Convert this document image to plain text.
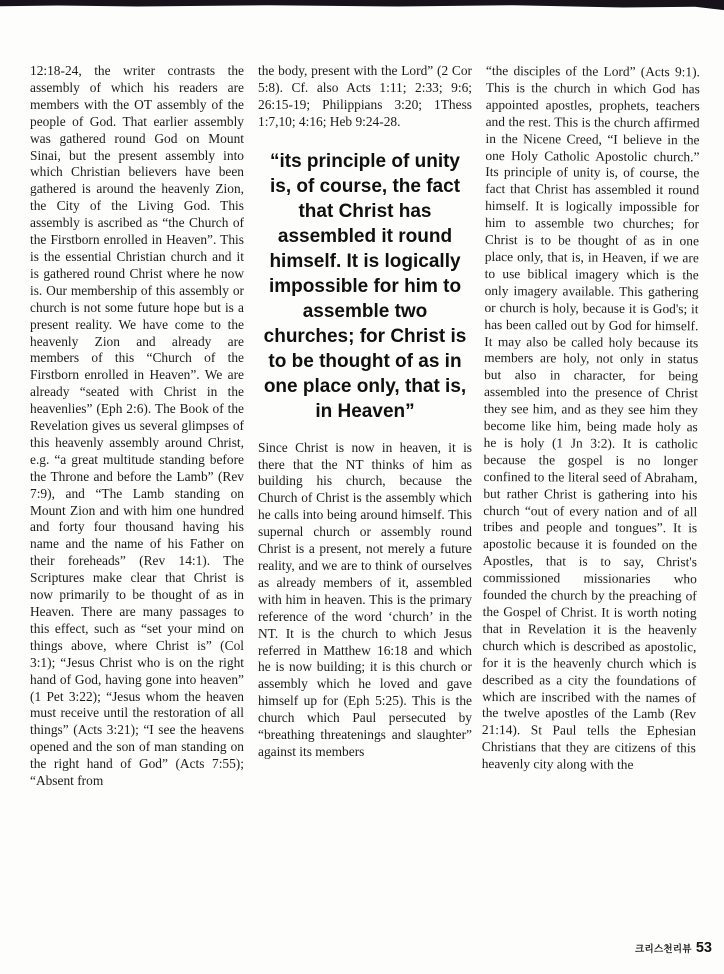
12:18-24, the writer contrasts the assembly of which his readers are members with the OT assembly of the people of God. That earlier assembly was gathered round God on Mount Sinai, but the present assembly into which Christian believers have been gathered is around the heavenly Zion, the City of the Living God. This assembly is ascribed as “the Church of the Firstborn enrolled in Heaven”. This is the essential Christian church and it is gathered round Christ where he now is. Our membership of this assembly or church is not some future hope but is a present reality. We have come to the heavenly Zion and already are members of this “Church of the Firstborn enrolled in Heaven”. We are already “seated with Christ in the heavenlies” (Eph 2:6). The Book of the Revelation gives us several glimpses of this heavenly assembly around Christ, e.g. “a great multitude standing before the Throne and before the Lamb” (Rev 7:9), and “The Lamb standing on Mount Zion and with him one hundred and forty four thousand having his name and the name of his Father on their foreheads” (Rev 14:1). The Scriptures make clear that Christ is now primarily to be thought of as in Heaven. There are many passages to this effect, such as “set your mind on things above, where Christ is” (Col 3:1); “Jesus Christ who is on the right hand of God, having gone into heaven” (1 Pet 3:22); “Jesus whom the heaven must receive until the restoration of all things” (Acts 3:21); “I see the heavens opened and the son of man standing on the right hand of God” (Acts 7:55); “Absent from

the body, present with the Lord” (2 Cor 5:8). Cf. also Acts 1:11; 2:33; 9:6; 26:15-19; Philippians 3:20; 1Thess 1:7,10; 4:16; Heb 9:24-28.

“its principle of unity is, of course, the fact that Christ has assembled it round himself. It is logically impossible for him to assemble two churches; for Christ is to be thought of as in one place only, that is, in Heaven”

Since Christ is now in heaven, it is there that the NT thinks of him as building his church, because the Church of Christ is the assembly which he calls into being around himself. This supernal church or assembly round Christ is a present, not merely a future reality, and we are to think of ourselves as already members of it, assembled with him in heaven. This is the primary reference of the word ‘church’ in the NT. It is the church to which Jesus referred in Matthew 16:18 and which he is now building; it is this church or assembly which he loved and gave himself up for (Eph 5:25). This is the church which Paul persecuted by “breathing threatenings and slaughter” against its members

“the disciples of the Lord” (Acts 9:1). This is the church in which God has appointed apostles, prophets, teachers and the rest. This is the church affirmed in the Nicene Creed, “I believe in the one Holy Catholic Apostolic church.” Its principle of unity is, of course, the fact that Christ has assembled it round himself. It is logically impossible for him to assemble two churches; for Christ is to be thought of as in one place only, that is, in Heaven, if we are to use biblical imagery which is the only imagery available. This gathering or church is holy, because it is God's; it has been called out by God for himself. It may also be called holy because its members are holy, not only in status but also in character, for being assembled into the presence of Christ they see him, and as they see him they become like him, being made holy as he is holy (1 Jn 3:2). It is catholic because the gospel is no longer confined to the literal seed of Abraham, but rather Christ is gathering into his church “out of every nation and of all tribes and people and tongues”. It is apostolic because it is founded on the Apostles, that is to say, Christ's commissioned missionaries who founded the church by the preaching of the Gospel of Christ. It is worth noting that in Revelation it is the heavenly church which is described as apostolic, for it is the heavenly church which is described as a city the foundations of which are inscribed with the names of the twelve apostles of the Lamb (Rev 21:14). St Paul tells the Ephesian Christians that they are citizens of this heavenly city along with the

크리스천리뷰 53
